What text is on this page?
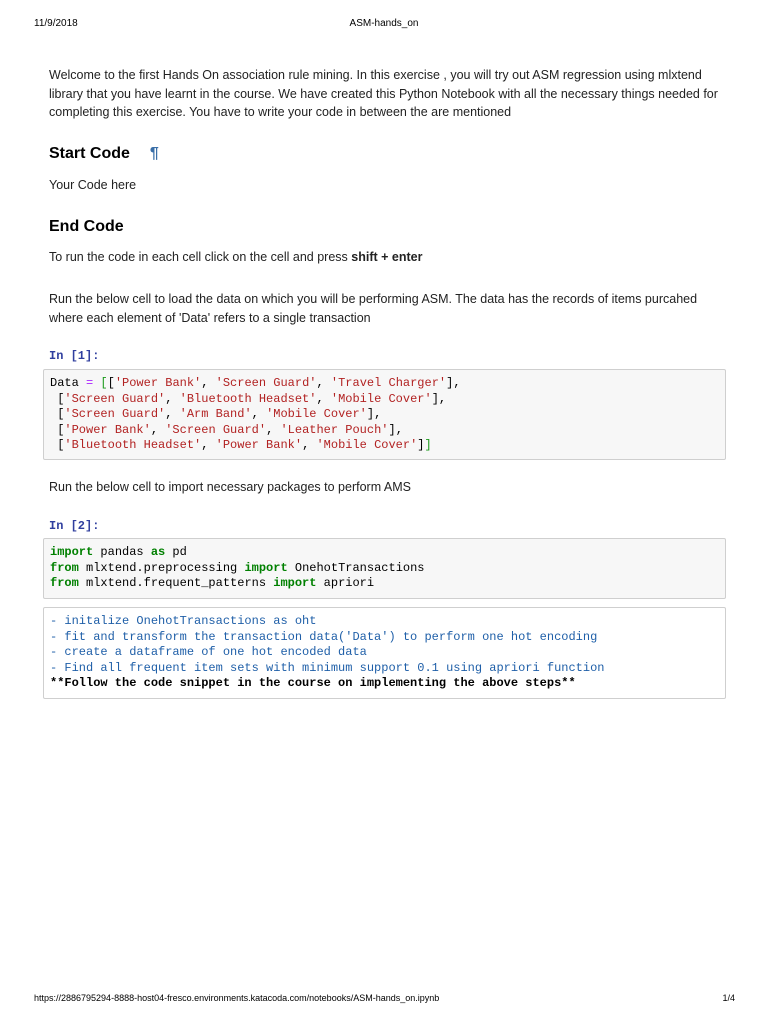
11/9/2018	ASM-hands_on

Welcome to the first Hands On association rule mining. In this exercise , you will try out ASM regression using mlxtend library that you have learnt in the course. We have created this Python Notebook with all the necessary things needed for completing this exercise. You have to write your code in between the are mentioned

Start Code ¶

Your Code here

End Code

To run the code in each cell click on the cell and press shift + enter

Run the below cell to load the data on which you will be performing ASM. The data has the records of items purcahed where each element of 'Data' refers to a single transaction

In [1]:
Data = [['Power Bank', 'Screen Guard', 'Travel Charger'],
['Screen Guard', 'Bluetooth Headset', 'Mobile Cover'],
['Screen Guard', 'Arm Band', 'Mobile Cover'],
['Power Bank', 'Screen Guard', 'Leather Pouch'],
['Bluetooth Headset', 'Power Bank', 'Mobile Cover']]

Run the below cell to import necessary packages to perform AMS

In [2]:
import pandas as pd
from mlxtend.preprocessing import OnehotTransactions
from mlxtend.frequent_patterns import apriori
- initalize OnehotTransactions as oht
- fit and transform the transaction data('Data') to perform one hot encoding
- create a dataframe of one hot encoded data
- Find all frequent item sets with minimum support 0.1 using apriori function
**Follow the code snippet in the course on implementing the above steps**
https://2886795294-8888-host04-fresco.environments.katacoda.com/notebooks/ASM-hands_on.ipynb	1/4
